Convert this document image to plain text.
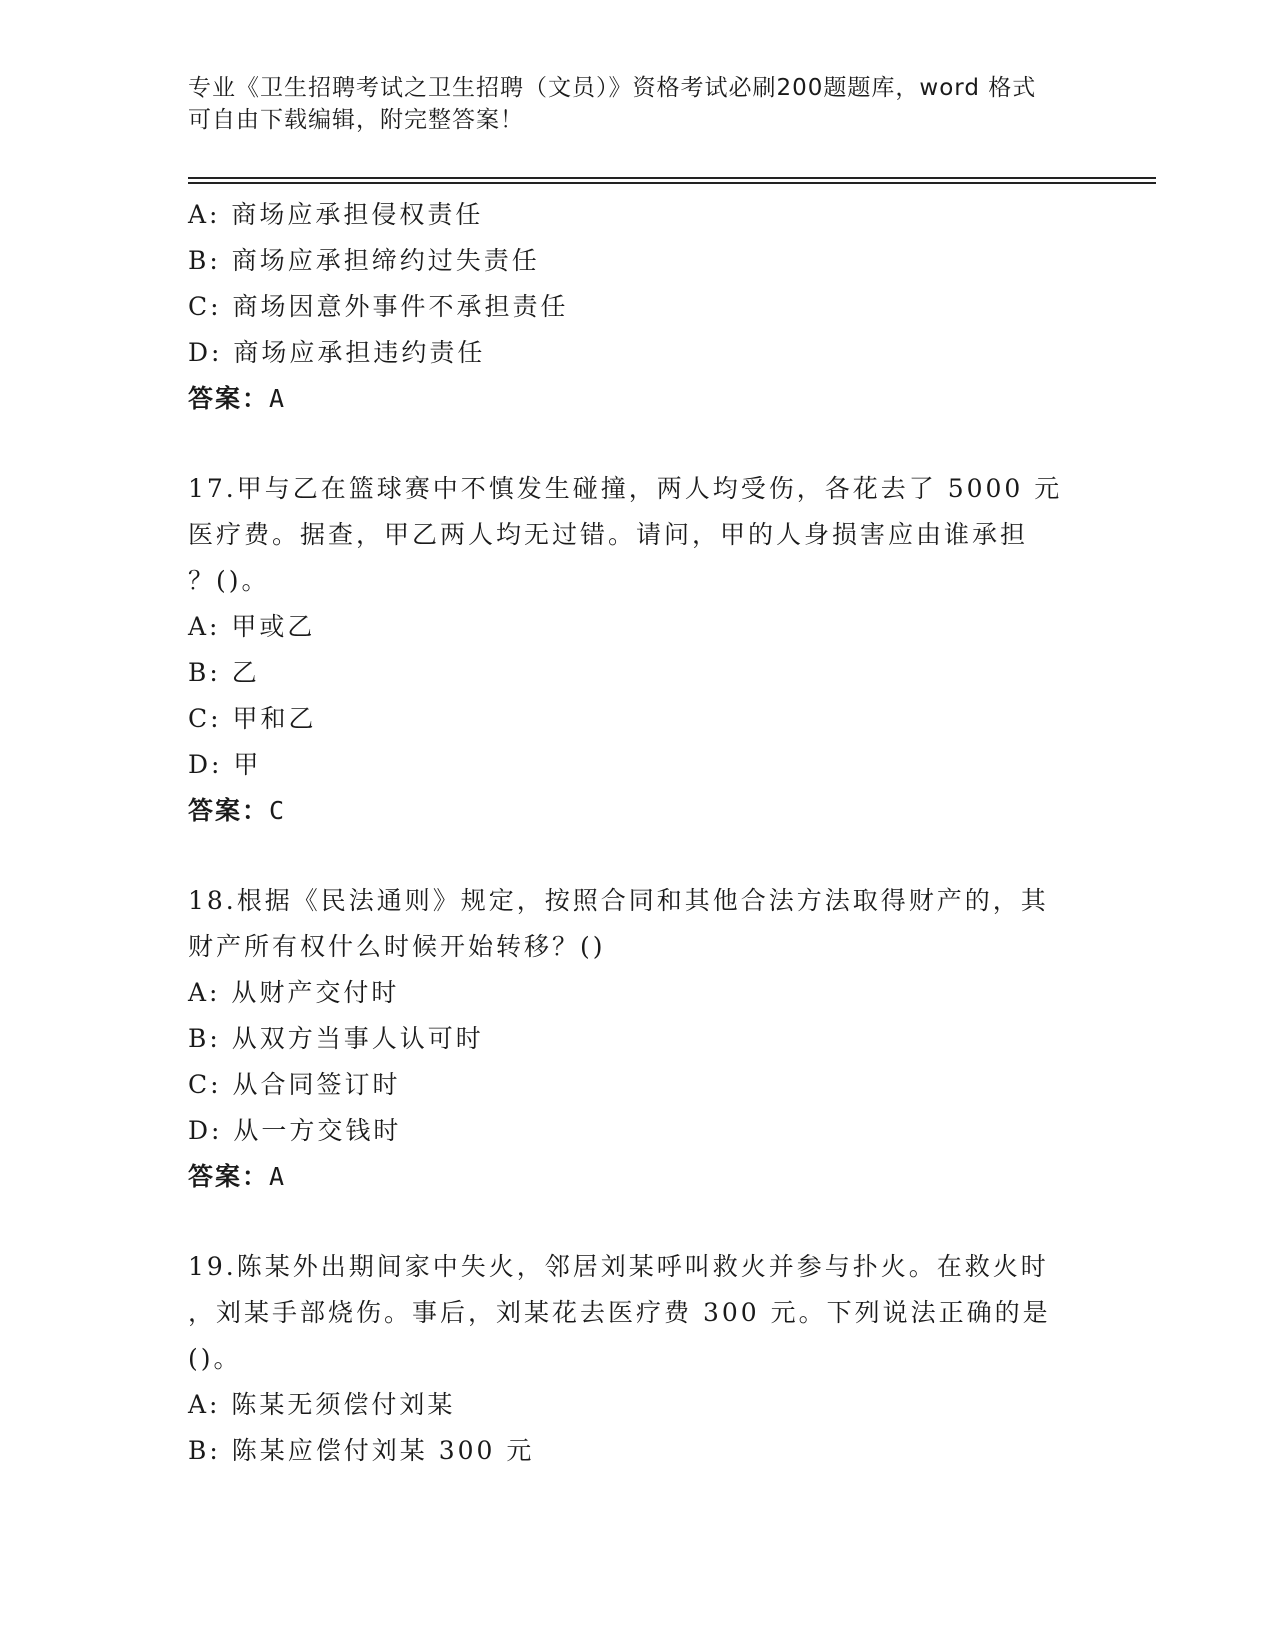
专业《卫生招聘考试之卫生招聘（文员）》资格考试必刷200题题库，word 格式
可自由下载编辑，附完整答案！
A: 商场应承担侵权责任
B: 商场应承担缔约过失责任
C: 商场因意外事件不承担责任
D: 商场应承担违约责任
答案：A
17.甲与乙在篮球赛中不慎发生碰撞，两人均受伤，各花去了 5000 元
医疗费。据查，甲乙两人均无过错。请问，甲的人身损害应由谁承担
？()。
A: 甲或乙
B: 乙
C: 甲和乙
D: 甲
答案：C
18.根据《民法通则》规定，按照合同和其他合法方法取得财产的，其
财产所有权什么时候开始转移？()
A: 从财产交付时
B: 从双方当事人认可时
C: 从合同签订时
D: 从一方交钱时
答案：A
19.陈某外出期间家中失火，邻居刘某呼叫救火并参与扑火。在救火时
，刘某手部烧伤。事后，刘某花去医疗费 300 元。下列说法正确的是
()。
A: 陈某无须偿付刘某
B: 陈某应偿付刘某 300 元
